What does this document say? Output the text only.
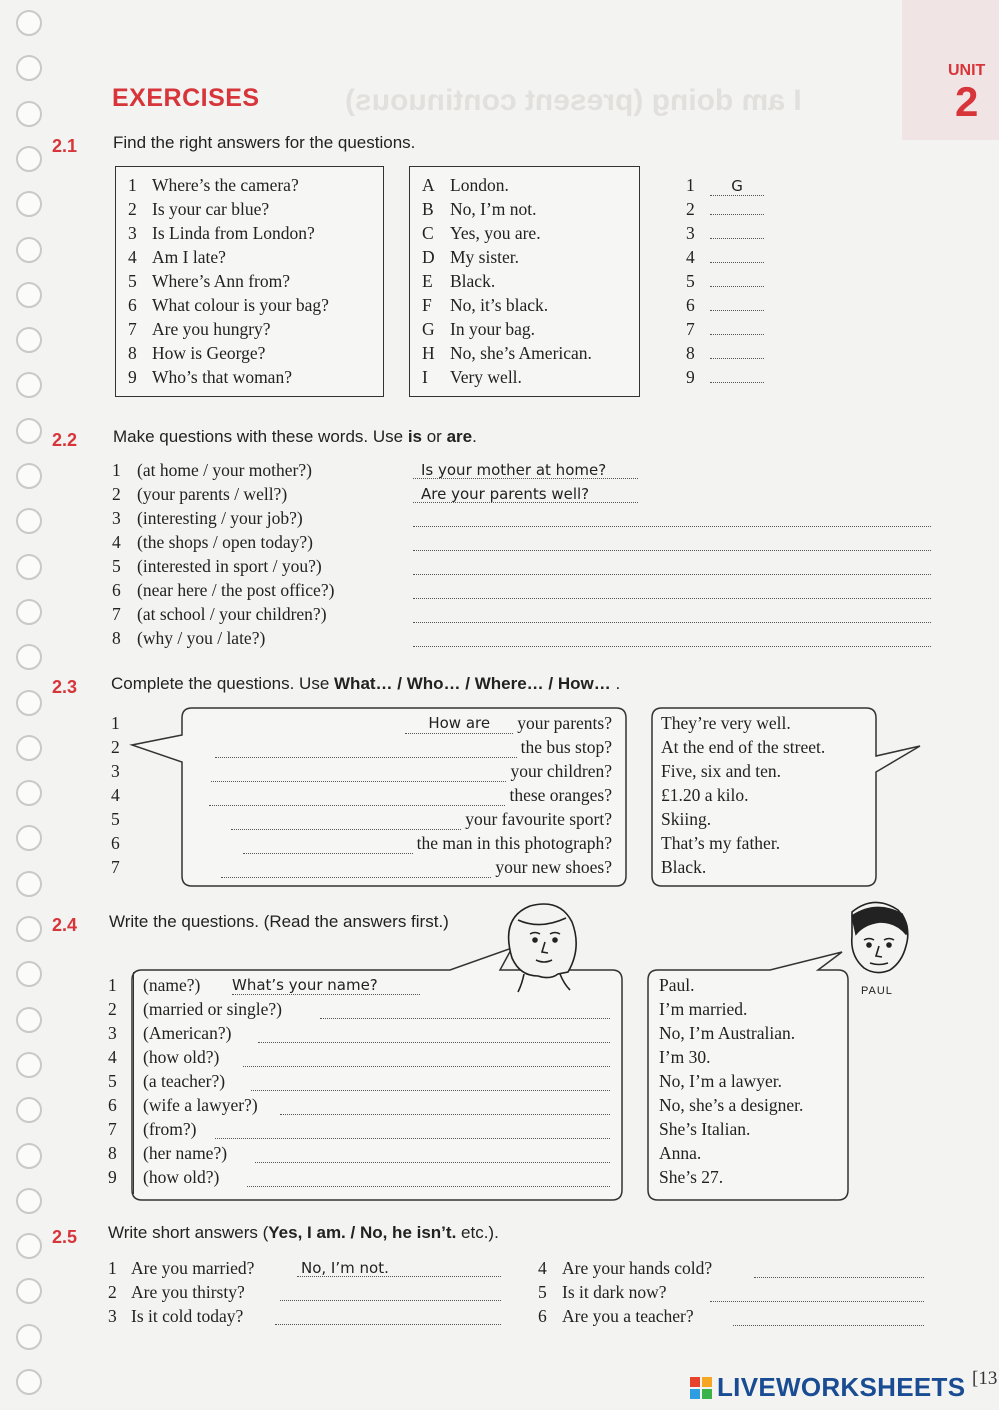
I am doing (present continuous)
EXERCISES
UNIT
2
2.1 Find the right answers for the questions.
1 Where’s the camera?
2 Is your car blue?
3 Is Linda from London?
4 Am I late?
5 Where’s Ann from?
6 What colour is your bag?
7 Are you hungry?
8 How is George?
9 Who’s that woman?
A London.
B No, I’m not.
C Yes, you are.
D My sister.
E Black.
F No, it’s black.
G In your bag.
H No, she’s American.
I Very well.
1 G
2
3
4
5
6
7
8
9
2.2 Make questions with these words. Use is or are.
1 (at home / your mother?)	Is your mother at home?
2 (your parents / well?)	Are your parents well?
3 (interesting / your job?)
4 (the shops / open today?)
5 (interested in sport / you?)
6 (near here / the post office?)
7 (at school / your children?)
8 (why / you / late?)
2.3 Complete the questions. Use What… / Who… / Where… / How… .
1	How are	your parents?	They’re very well.
2	the bus stop?	At the end of the street.
3	your children?	Five, six and ten.
4	these oranges?	£1.20 a kilo.
5	your favourite sport?	Skiing.
6	the man in this photograph?	That’s my father.
7	your new shoes?	Black.
2.4 Write the questions. (Read the answers first.)
PAUL
1 (name?) What’s your name?	Paul.
2 (married or single?)	I’m married.
3 (American?)	No, I’m Australian.
4 (how old?)	I’m 30.
5 (a teacher?)	No, I’m a lawyer.
6 (wife a lawyer?)	No, she’s a designer.
7 (from?)	She’s Italian.
8 (her name?)	Anna.
9 (how old?)	She’s 27.
2.5 Write short answers (Yes, I am. / No, he isn’t. etc.).
1 Are you married?	No, I’m not.
2 Are you thirsty?
3 Is it cold today?
4 Are your hands cold?
5 Is it dark now?
6 Are you a teacher?
[13
LIVEWORKSHEETS
